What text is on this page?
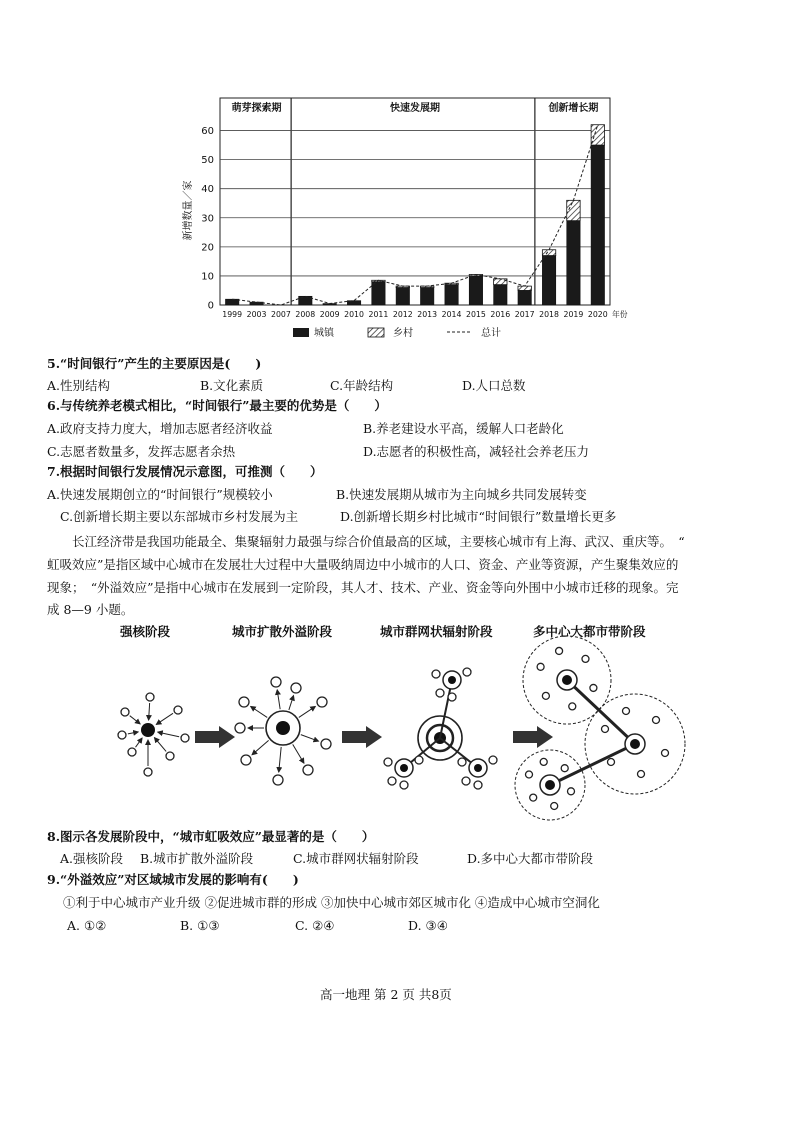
萌芽探索期	快速发展期	创新增长期
0
10
20
30
40
50
60
新增数量／家
1999 2003 2007 2008 2009 2010 2011 2012 2013 2014 2015 2016 2017 2018 2019 2020 年份
城镇	乡村	总计
5.“时间银行”产生的主要原因是(　　)
A.性别结构	B.文化素质	C.年龄结构	D.人口总数
6.与传统养老模式相比，“时间银行”最主要的优势是（　　）
A.政府支持力度大，增加志愿者经济收益	B.养老建设水平高，缓解人口老龄化
C.志愿者数量多，发挥志愿者余热	D.志愿者的积极性高，减轻社会养老压力
7.根据时间银行发展情况示意图，可推测（　　）
A.快速发展期创立的“时间银行”规模较小	B.快速发展期从城市为主向城乡共同发展转变
C.创新增长期主要以东部城市乡村发展为主	D.创新增长期乡村比城市“时间银行”数量增长更多
长江经济带是我国功能最全、集聚辐射力最强与综合价值最高的区域，主要核心城市有上海、武汉、重庆等。　“
虹吸效应”是指区域中心城市在发展壮大过程中大量吸纳周边中小城市的人口、资金、产业等资源，产生聚集效应的
现象；　“外溢效应”是指中心城市在发展到一定阶段，其人才、技术、产业、资金等向外围中小城市迁移的现象。完
成 8—9 小题。
强核阶段	城市扩散外溢阶段	城市群网状辐射阶段	多中心大都市带阶段
8.图示各发展阶段中，“城市虹吸效应”最显著的是（　　）
A.强核阶段 B.城市扩散外溢阶段	C.城市群网状辐射阶段	D.多中心大都市带阶段
9.“外溢效应”对区域城市发展的影响有(　　)
①利于中心城市产业升级 ②促进城市群的形成 ③加快中心城市郊区城市化 ④造成中心城市空洞化
A. ①②	B. ①③	C. ②④	D. ③④
高一地理 第 2 页 共8页
